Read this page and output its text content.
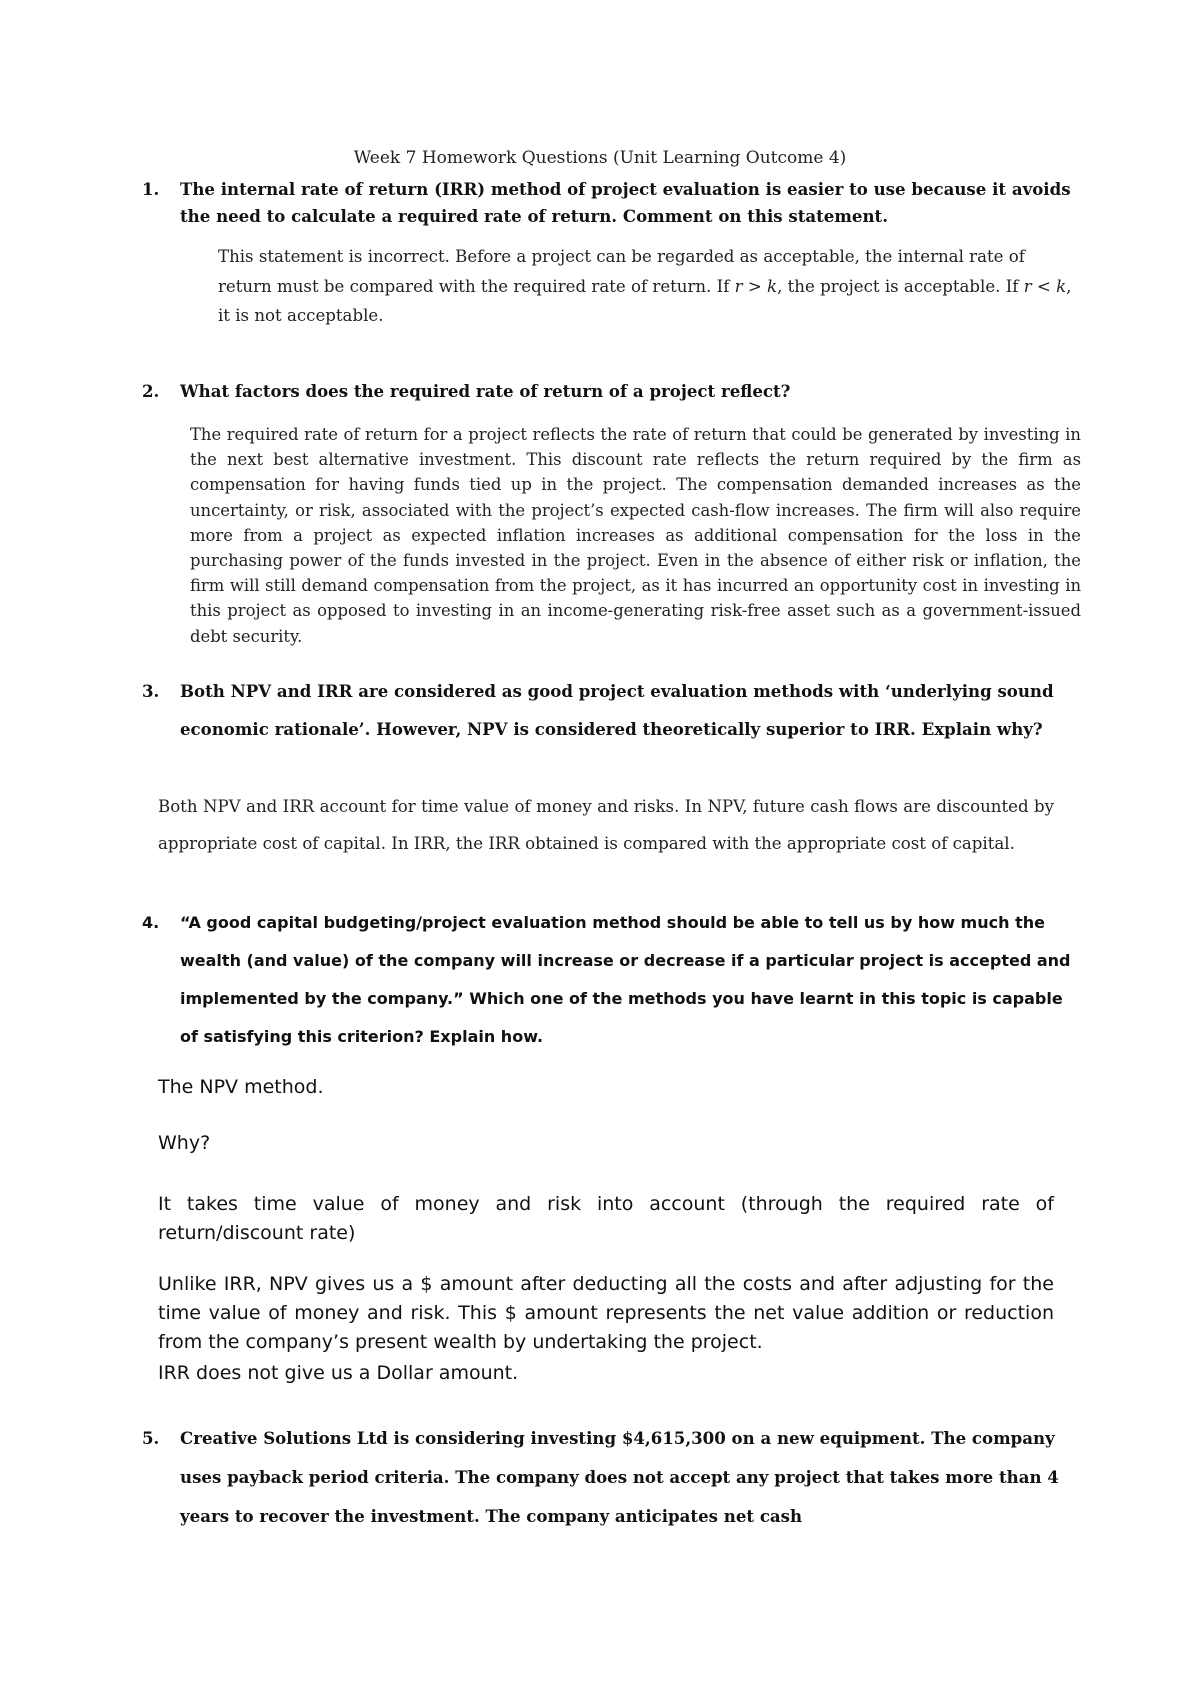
Week 7 Homework Questions (Unit Learning Outcome 4)
1. The internal rate of return (IRR) method of project evaluation is easier to use because it avoids the need to calculate a required rate of return. Comment on this statement.
This statement is incorrect. Before a project can be regarded as acceptable, the internal rate of return must be compared with the required rate of return. If r > k, the project is acceptable. If r < k, it is not acceptable.
2. What factors does the required rate of return of a project reflect?
The required rate of return for a project reflects the rate of return that could be generated by investing in the next best alternative investment. This discount rate reflects the return required by the firm as compensation for having funds tied up in the project. The compensation demanded increases as the uncertainty, or risk, associated with the project’s expected cash-flow increases. The firm will also require more from a project as expected inflation increases as additional compensation for the loss in the purchasing power of the funds invested in the project. Even in the absence of either risk or inflation, the firm will still demand compensation from the project, as it has incurred an opportunity cost in investing in this project as opposed to investing in an income-generating risk-free asset such as a government-issued debt security.
3. Both NPV and IRR are considered as good project evaluation methods with ‘underlying sound economic rationale’. However, NPV is considered theoretically superior to IRR. Explain why?
Both NPV and IRR account for time value of money and risks. In NPV, future cash flows are discounted by appropriate cost of capital. In IRR, the IRR obtained is compared with the appropriate cost of capital.
4. “A good capital budgeting/project evaluation method should be able to tell us by how much the wealth (and value) of the company will increase or decrease if a particular project is accepted and implemented by the company.” Which one of the methods you have learnt in this topic is capable of satisfying this criterion? Explain how.
The NPV method.
Why?
It takes time value of money and risk into account (through the required rate of return/discount rate)
Unlike IRR, NPV gives us a $ amount after deducting all the costs and after adjusting for the time value of money and risk. This $ amount represents the net value addition or reduction from the company’s present wealth by undertaking the project.
IRR does not give us a Dollar amount.
5. Creative Solutions Ltd is considering investing $4,615,300 on a new equipment. The company uses payback period criteria. The company does not accept any project that takes more than 4 years to recover the investment. The company anticipates net cash
